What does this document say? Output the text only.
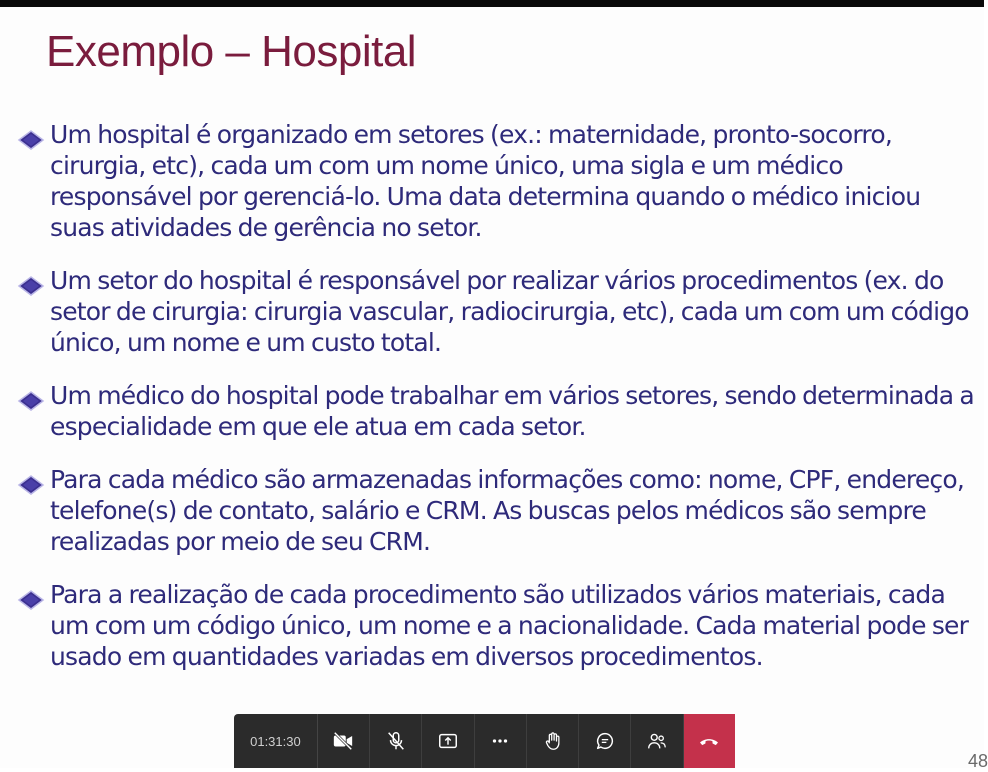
Exemplo – Hospital
Um hospital é organizado em setores (ex.: maternidade, pronto-socorro, cirurgia, etc), cada um com um nome único, uma sigla e um médico responsável por gerenciá-lo. Uma data determina quando o médico iniciou suas atividades de gerência no setor.
Um setor do hospital é responsável por realizar vários procedimentos (ex. do setor de cirurgia: cirurgia vascular, radiocirurgia, etc), cada um com um código único, um nome e um custo total.
Um médico do hospital pode trabalhar em vários setores, sendo determinada a especialidade em que ele atua em cada setor.
Para cada médico são armazenadas informações como: nome, CPF, endereço, telefone(s) de contato, salário e CRM. As buscas pelos médicos são sempre realizadas por meio de seu CRM.
Para a realização de cada procedimento são utilizados vários materiais, cada um com um código único, um nome e a nacionalidade. Cada material pode ser usado em quantidades variadas em diversos procedimentos.
48
01:31:30
